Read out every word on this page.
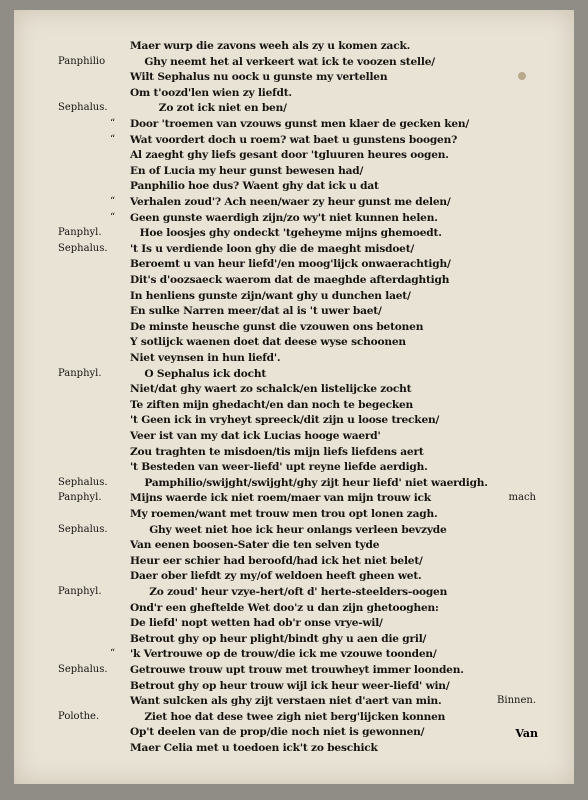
Maer wurp die zavons weeh als zy u komen zack.
Panphilio	Ghy neemt het al verkeert wat ick te voozen stelle/
Wilt Sephalus nu oock u gunste my vertellen
Om t'oozd'len wien zy liefdt.
Sephalus.	Zo zot ick niet en ben/
“ Door 'troemen van vzouws gunst men klaer de gecken ken/
“ Wat voordert doch u roem? wat baet u gunstens boogen?
Al zaeght ghy liefs gesant door 'tgluuren heures oogen.
En of Lucia my heur gunst bewesen had/
Panphilio hoe dus? Waent ghy dat ick u dat
“ Verhalen zoud'? Ach neen/waer zy heur gunst me delen/
“ Geen gunste waerdigh zijn/zo wy't niet kunnen helen.
Panphyl.	Hoe loosjes ghy ondeckt 'tgeheyme mijns ghemoedt.
Sephalus. 't Is u verdiende loon ghy die de maeght misdoet/
Beroemt u van heur liefd'/en moog'lijck onwaerachtigh/
Dit's d'oozsaeck waerom dat de maeghde afterdaghtigh
In henliens gunste zijn/want ghy u dunchen laet/
En sulke Narren meer/dat al is 't uwer baet/
De minste heusche gunst die vzouwen ons betonen
Y sotlijck waenen doet dat deese wyse schoonen
Niet veynsen in hun liefd'.
Panphyl.	O Sephalus ick docht
Niet/dat ghy waert zo schalck/en listelijcke zocht
Te ziften mijn ghedacht/en dan noch te begecken
't Geen ick in vryheyt spreeck/dit zijn u loose trecken/
Veer ist van my dat ick Lucias hooge waerd'
Zou traghten te misdoen/tis mijn liefs liefdens aert
't Besteden van weer-liefd' upt reyne liefde aerdigh.
Sephalus.	Pamphilio/swijght/swijght/ghy zijt heur liefd' niet waerdigh.
Panphyl.	Mijns waerde ick niet roem/maer van mijn trouw ick	mach
My roemen/want met trouw men trou opt lonen zagh.
Sephalus.	Ghy weet niet hoe ick heur onlangs verleen bevzyde
Van eenen boosen-Sater die ten selven tyde
Heur eer schier had beroofd/had ick het niet belet/
Daer ober liefdt zy my/of weldoen heeft gheen wet.
Panphyl.	Zo zoud' heur vzye-hert/oft d' herte-steelders-oogen
Ond'r een gheftelde Wet doo'z u dan zijn ghetooghen:
De liefd' nopt wetten had ob'r onse vrye-wil/
Betrout ghy op heur plight/bindt ghy u aen die gril/
“ 'k Vertrouwe op de trouw/die ick me vzouwe toonden/
Sephalus. Getrouwe trouw upt trouw met trouwheyt immer loonden.
Betrout ghy op heur trouw wijl ick heur weer-liefd' win/
Want sulcken als ghy zijt verstaen niet d'aert van min.	Binnen.
Polothe.	Ziet hoe dat dese twee zigh niet berg'lijcken konnen
Op't deelen van de prop/die noch niet is gewonnen/
Maer Celia met u toedoen ick't zo beschick
Van
